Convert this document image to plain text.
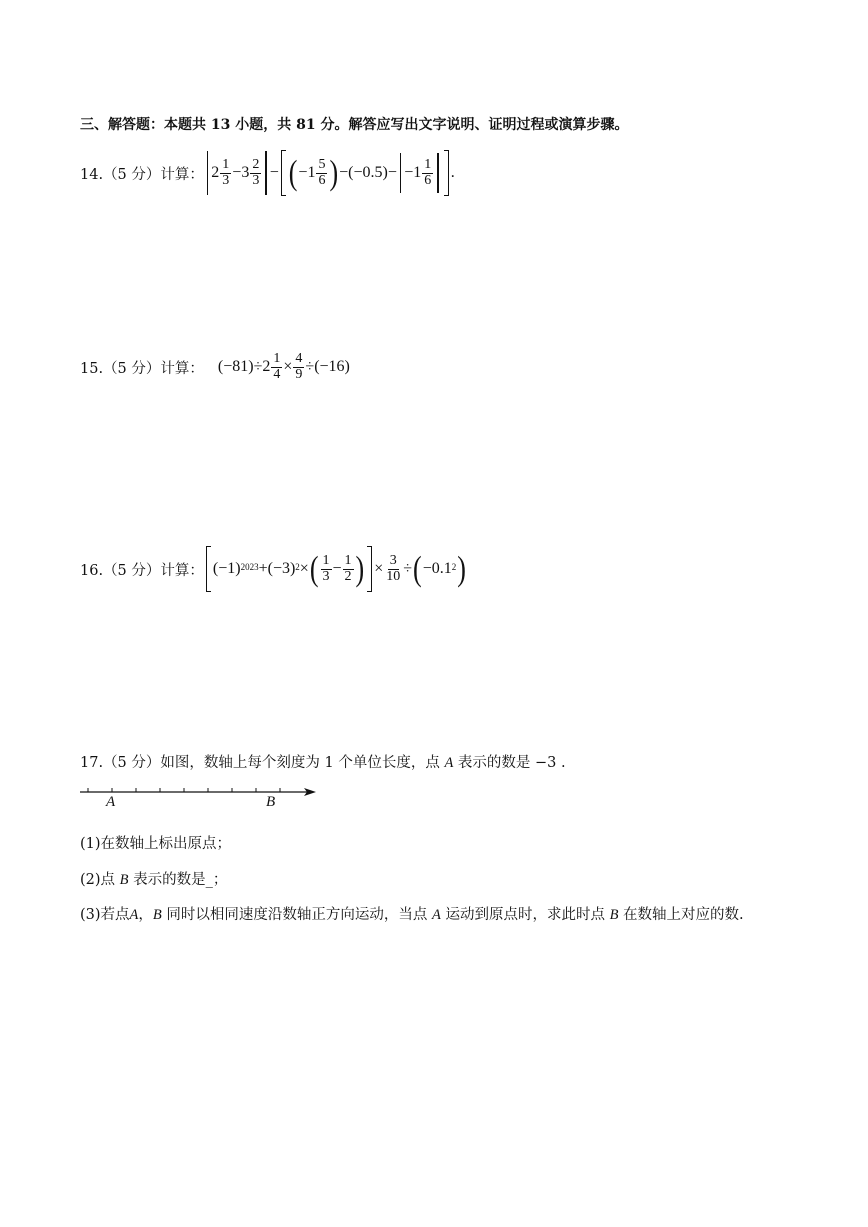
三、解答题：本题共 13 小题，共 81 分。解答应写出文字说明、证明过程或演算步骤。
14.（5 分）计算： $2 \frac{1}{3} -3 \frac{2}{3}$ − ( $-1 \frac{5}{6}$ ) − $(-0.5) - -1 \frac{1}{6}$ .
15.（5 分）计算： $(-81)\div 2 \frac{1}{4} \times \frac{4}{9} \div(-16)$
16.（5 分）计算： $(-1)^{2023} +(-3)^2$ × ( $\frac{1}{3} - \frac{1}{2}$ ) × $\frac{3}{10}$ ÷ ( $-0.1^2$ )
17.（5 分）如图，数轴上每个刻度为 1 个单位长度，点 A 表示的数是 −3 .
A	B
(1)在数轴上标出原点；
(2)点 B 表示的数是_；
(3)若点A，B 同时以相同速度沿数轴正方向运动，当点 A 运动到原点时，求此时点 B 在数轴上对应的数.
